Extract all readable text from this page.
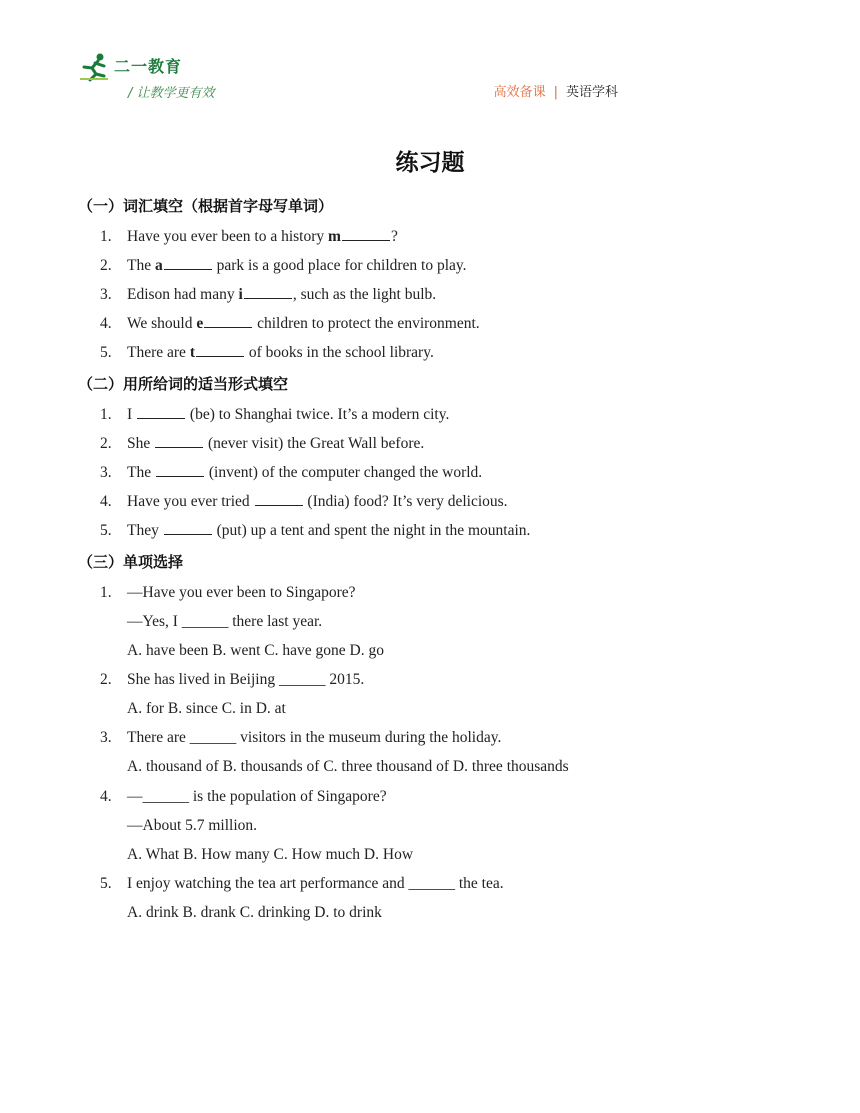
二一教育
/ 让教学更有效	高效备课 | 英语学科
练习题
（一）词汇填空（根据首字母写单词）
1. Have you ever been to a history m	?
2. The a	park is a good place for children to play.
3. Edison had many i	, such as the light bulb.
4. We should e	children to protect the environment.
5. There are t	of books in the school library.
（二）用所给词的适当形式填空
1. I	(be) to Shanghai twice. It’s a modern city.
2. She	(never visit) the Great Wall before.
3. The	(invent) of the computer changed the world.
4. Have you ever tried	(India) food? It’s very delicious.
5. They	(put) up a tent and spent the night in the mountain.
（三）单项选择
1. —Have you ever been to Singapore?
—Yes, I ______ there last year.
A. have been B. went C. have gone D. go
2. She has lived in Beijing ______ 2015.
A. for B. since C. in D. at
3. There are ______ visitors in the museum during the holiday.
A. thousand of B. thousands of C. three thousand of D. three thousands
4. —______ is the population of Singapore?
—About 5.7 million.
A. What B. How many C. How much D. How
5. I enjoy watching the tea art performance and ______ the tea.
A. drink B. drank C. drinking D. to drink
